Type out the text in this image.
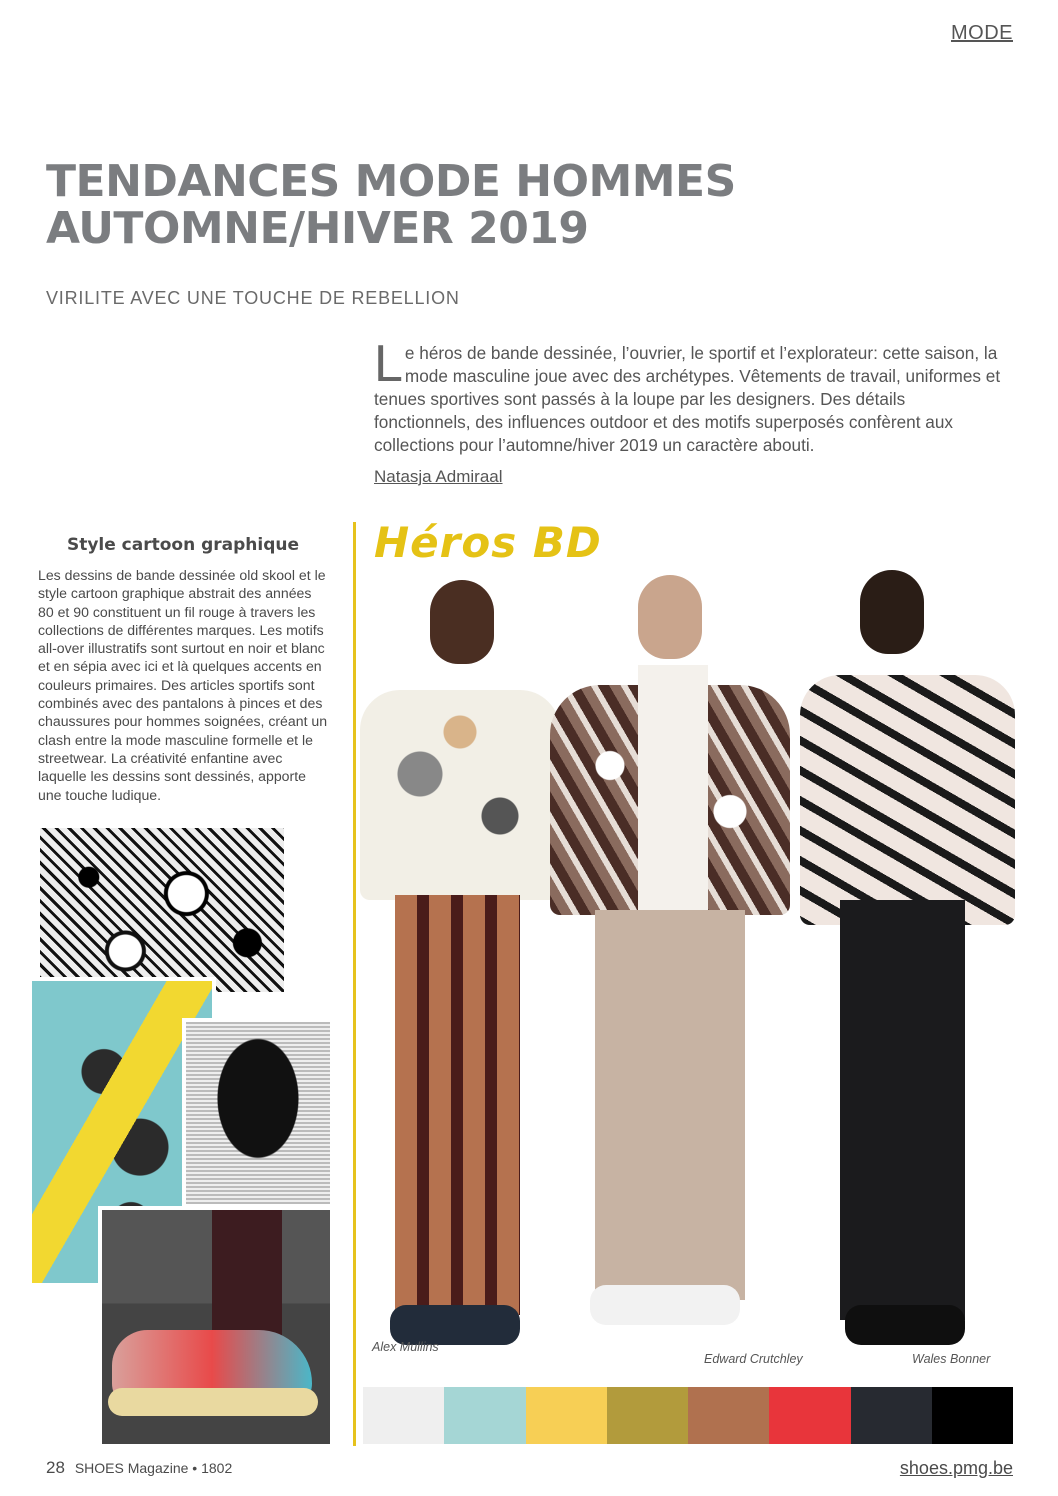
MODE
TENDANCES MODE HOMMES
AUTOMNE/HIVER 2019
VIRILITE AVEC UNE TOUCHE DE REBELLION

Le héros de bande dessinée, l’ouvrier, le sportif et l’explorateur: cette saison, la mode masculine joue avec des archétypes. Vêtements de travail, uniformes et tenues sportives sont passés à la loupe par les designers. Des détails fonctionnels, des influences outdoor et des motifs superposés confèrent aux collections pour l’automne/hiver 2019 un caractère abouti.

Natasja Admiraal
Héros BD
Style cartoon graphique

Les dessins de bande dessinée old skool et le style cartoon graphique abstrait des années 80 et 90 constituent un fil rouge à travers les collections de différentes marques. Les motifs all-over illustratifs sont surtout en noir et blanc et en sépia avec ici et là quelques accents en couleurs primaires. Des articles sportifs sont combinés avec des pantalons à pinces et des chaussures pour hommes soignées, créant un clash entre la mode masculine formelle et le streetwear. La créativité enfantine avec laquelle les dessins sont dessinés, apporte une touche ludique.

Alex Mullins
Edward Crutchley	Wales Bonner
28 SHOES Magazine • 1802	shoes.pmg.be
